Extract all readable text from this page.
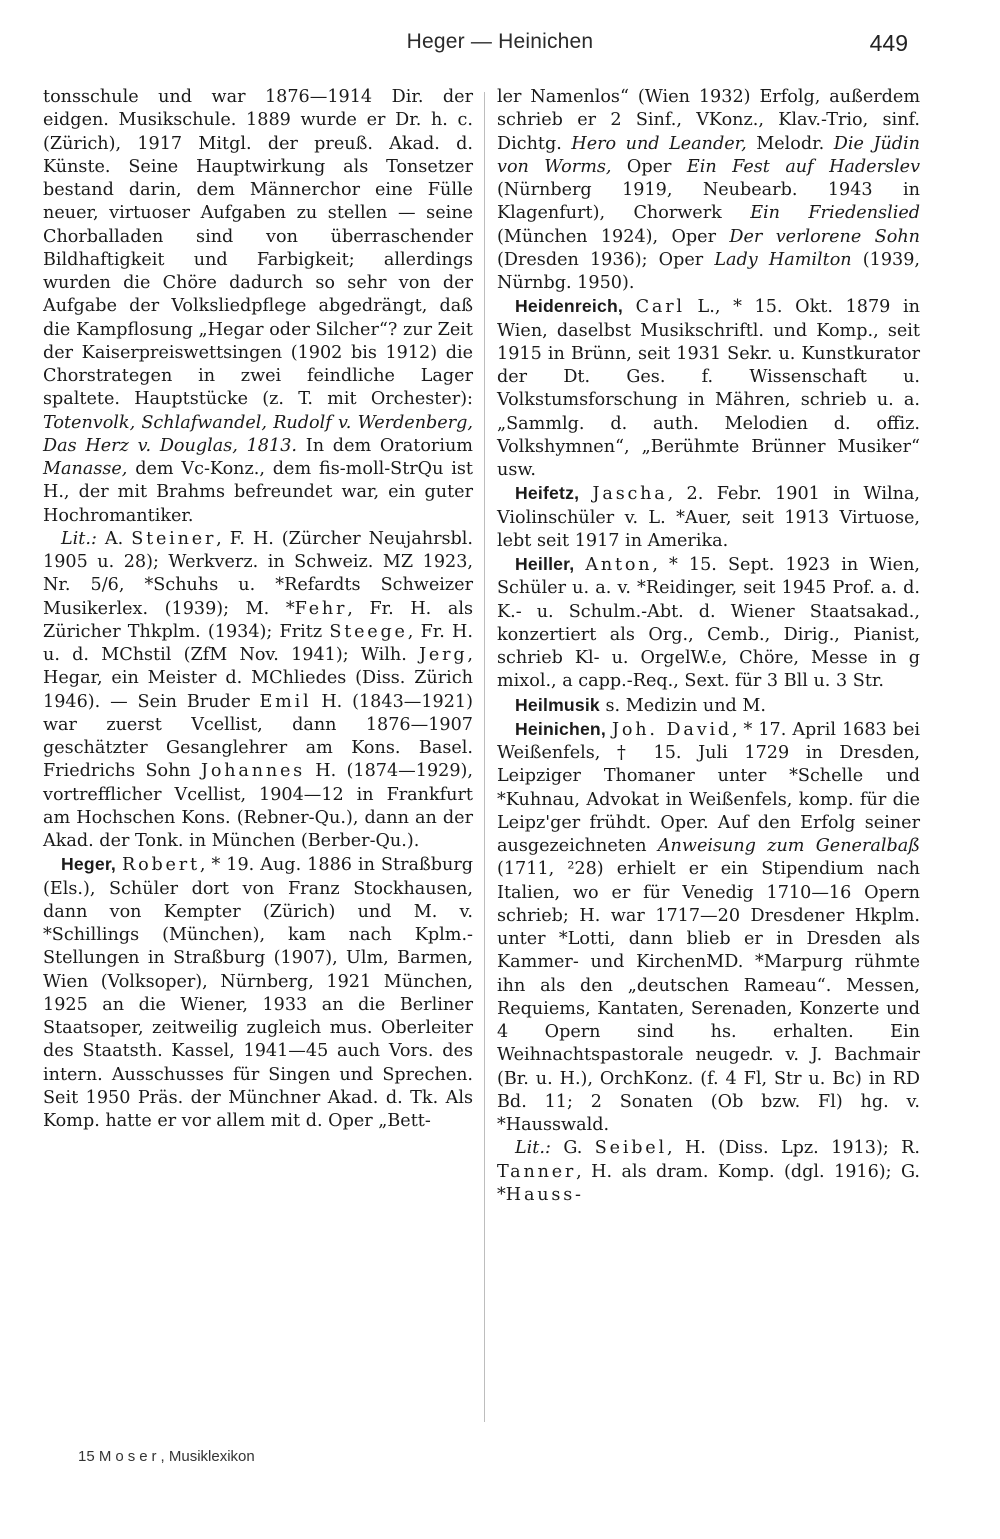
Heger — Heinichen	449

tonsschule und war 1876—1914 Dir. der eidgen. Musikschule. 1889 wurde er Dr. h. c. (Zürich), 1917 Mitgl. der preuß. Akad. d. Künste. Seine Hauptwirkung als Tonsetzer bestand darin, dem Männerchor eine Fülle neuer, virtuoser Aufgaben zu stellen — seine Chorballaden sind von überraschender Bildhaftigkeit und Farbigkeit; allerdings wurden die Chöre dadurch so sehr von der Aufgabe der Volksliedpflege abgedrängt, daß die Kampflosung „Hegar oder Silcher“? zur Zeit der Kaiserpreiswettsingen (1902 bis 1912) die Chorstrategen in zwei feindliche Lager spaltete. Hauptstücke (z. T. mit Orchester): Totenvolk, Schlafwandel, Rudolf v. Werdenberg, Das Herz v. Douglas, 1813. In dem Oratorium Manasse, dem Vc-Konz., dem fis-moll-StrQu ist H., der mit Brahms befreundet war, ein guter Hochromantiker.

Lit.: A. Steiner, F. H. (Zürcher Neujahrsbl. 1905 u. 28); Werkverz. in Schweiz. MZ 1923, Nr. 5/6, *Schuhs u. *Refardts Schweizer Musikerlex. (1939); M. *Fehr, Fr. H. als Züricher Thkplm. (1934); Fritz Steege, Fr. H. u. d. MChstil (ZfM Nov. 1941); Wilh. Jerg, Hegar, ein Meister d. MChliedes (Diss. Zürich 1946). — Sein Bruder Emil H. (1843—1921) war zuerst Vcellist, dann 1876—1907 geschätzter Gesanglehrer am Kons. Basel. Friedrichs Sohn Johannes H. (1874—1929), vortrefflicher Vcellist, 1904—12 in Frankfurt am Hochschen Kons. (Rebner-Qu.), dann an der Akad. der Tonk. in München (Berber-Qu.).

Heger, Robert, * 19. Aug. 1886 in Straßburg (Els.), Schüler dort von Franz Stockhausen, dann von Kempter (Zürich) und M. v. *Schillings (München), kam nach Kplm.-Stellungen in Straßburg (1907), Ulm, Barmen, Wien (Volksoper), Nürnberg, 1921 München, 1925 an die Wiener, 1933 an die Berliner Staatsoper, zeitweilig zugleich mus. Oberleiter des Staatsth. Kassel, 1941—45 auch Vors. des intern. Ausschusses für Singen und Sprechen. Seit 1950 Präs. der Münchner Akad. d. Tk. Als Komp. hatte er vor allem mit d. Oper „Bett-

ler Namenlos“ (Wien 1932) Erfolg, außerdem schrieb er 2 Sinf., VKonz., Klav.-Trio, sinf. Dichtg. Hero und Leander, Melodr. Die Jüdin von Worms, Oper Ein Fest auf Haderslev (Nürnberg 1919, Neubearb. 1943 in Klagenfurt), Chorwerk Ein Friedenslied (München 1924), Oper Der verlorene Sohn (Dresden 1936); Oper Lady Hamilton (1939, Nürnbg. 1950).

Heidenreich, Carl L., * 15. Okt. 1879 in Wien, daselbst Musikschriftl. und Komp., seit 1915 in Brünn, seit 1931 Sekr. u. Kunstkurator der Dt. Ges. f. Wissenschaft u. Volkstumsforschung in Mähren, schrieb u. a. „Sammlg. d. auth. Melodien d. offiz. Volkshymnen“, „Berühmte Brünner Musiker“ usw.

Heifetz, Jascha, 2. Febr. 1901 in Wilna, Violinschüler v. L. *Auer, seit 1913 Virtuose, lebt seit 1917 in Amerika.

Heiller, Anton, * 15. Sept. 1923 in Wien, Schüler u. a. v. *Reidinger, seit 1945 Prof. a. d. K.- u. Schulm.-Abt. d. Wiener Staatsakad., konzertiert als Org., Cemb., Dirig., Pianist, schrieb Kl- u. OrgelW.e, Chöre, Messe in g mixol., a capp.-Req., Sext. für 3 Bll u. 3 Str.

Heilmusik s. Medizin und M.

Heinichen, Joh. David, * 17. April 1683 bei Weißenfels, † 15. Juli 1729 in Dresden, Leipziger Thomaner unter *Schelle und *Kuhnau, Advokat in Weißenfels, komp. für die Leipz'ger frühdt. Oper. Auf den Erfolg seiner ausgezeichneten Anweisung zum Generalbaß (1711, ²28) erhielt er ein Stipendium nach Italien, wo er für Venedig 1710—16 Opern schrieb; H. war 1717—20 Dresdener Hkplm. unter *Lotti, dann blieb er in Dresden als Kammer- und KirchenMD. *Marpurg rühmte ihn als den „deutschen Rameau“. Messen, Requiems, Kantaten, Serenaden, Konzerte und 4 Opern sind hs. erhalten. Ein Weihnachtspastorale neugedr. v. J. Bachmair (Br. u. H.), OrchKonz. (f. 4 Fl, Str u. Bc) in RD Bd. 11; 2 Sonaten (Ob bzw. Fl) hg. v. *Hausswald.

Lit.: G. Seibel, H. (Diss. Lpz. 1913); R. Tanner, H. als dram. Komp. (dgl. 1916); G. *Hauss-

15 Moser, Musiklexikon
